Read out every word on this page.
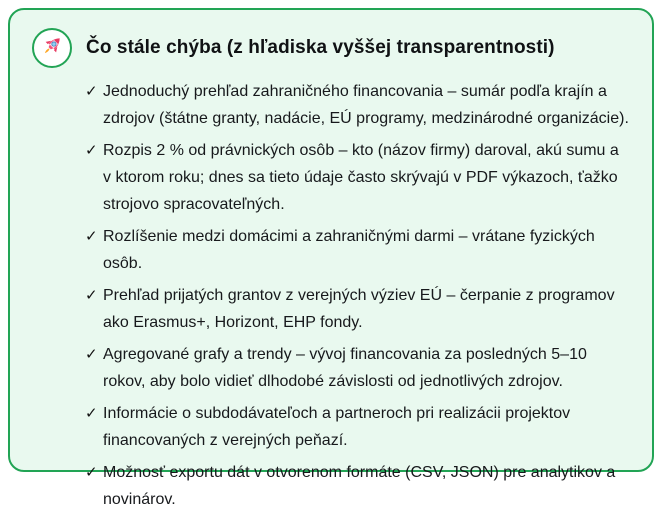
Čo stále chýba (z hľadiska vyššej transparentnosti)
✓ Jednoduchý prehľad zahraničného financovania – sumár podľa krajín a zdrojov (štátne granty, nadácie, EÚ programy, medzinárodné organizácie).
✓ Rozpis 2 % od právnických osôb – kto (názov firmy) daroval, akú sumu a v ktorom roku; dnes sa tieto údaje často skrývajú v PDF výkazoch, ťažko strojovo spracovateľných.
✓ Rozlíšenie medzi domácimi a zahraničnými darmi – vrátane fyzických osôb.
✓ Prehľad prijatých grantov z verejných výziev EÚ – čerpanie z programov ako Erasmus+, Horizont, EHP fondy.
✓ Agregované grafy a trendy – vývoj financovania za posledných 5–10 rokov, aby bolo vidieť dlhodobé závislosti od jednotlivých zdrojov.
✓ Informácie o subdodávateľoch a partneroch pri realizácii projektov financovaných z verejných peňazí.
✓ Možnosť exportu dát v otvorenom formáte (CSV, JSON) pre analytikov a novinárov.
